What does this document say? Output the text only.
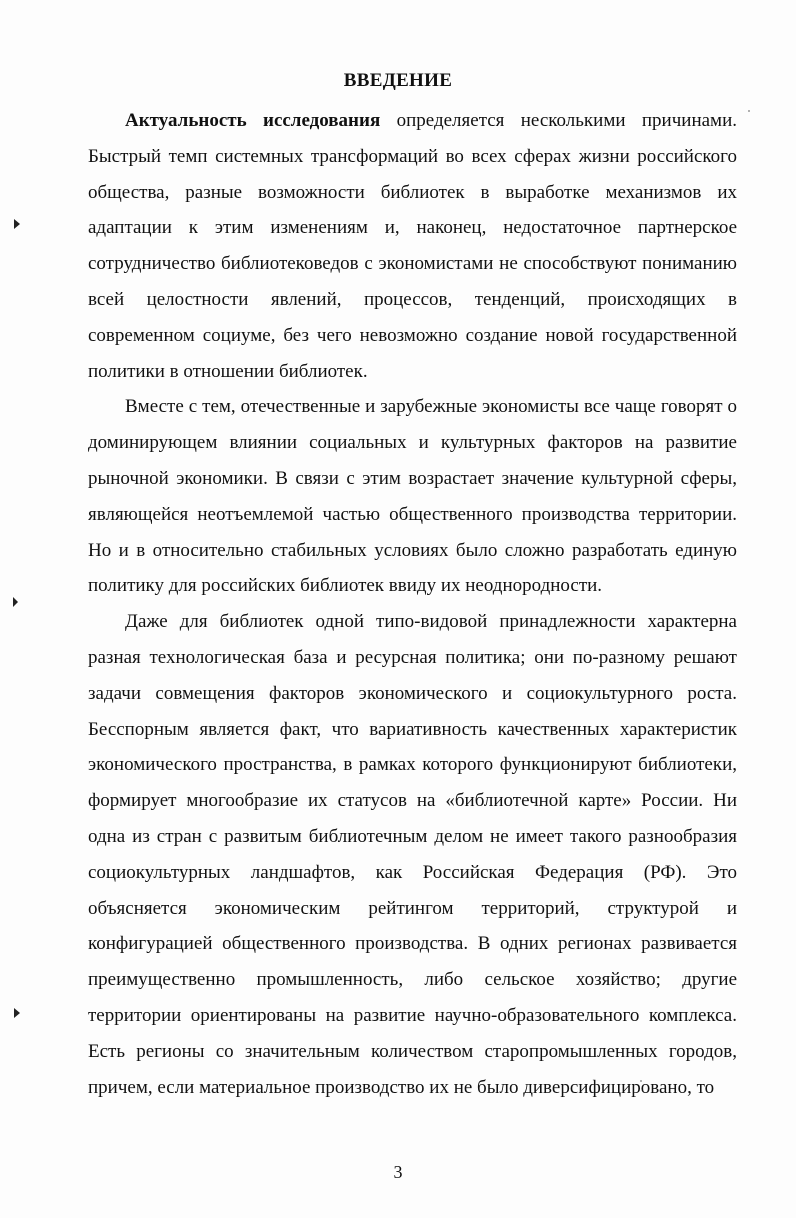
ВВЕДЕНИЕ

Актуальность исследования определяется несколькими причинами. Быстрый темп системных трансформаций во всех сферах жизни российского общества, разные возможности библиотек в выработке механизмов их адаптации к этим изменениям и, наконец, недостаточное партнерское сотрудничество библиотековедов с экономистами не способствуют пониманию всей целостности явлений, процессов, тенденций, происходящих в современном социуме, без чего невозможно создание новой государственной политики в отношении библиотек.

Вместе с тем, отечественные и зарубежные экономисты все чаще говорят о доминирующем влиянии социальных и культурных факторов на развитие рыночной экономики. В связи с этим возрастает значение культурной сферы, являющейся неотъемлемой частью общественного производства территории. Но и в относительно стабильных условиях было сложно разработать единую политику для российских библиотек ввиду их неоднородности.

Даже для библиотек одной типо-видовой принадлежности характерна разная технологическая база и ресурсная политика; они по-разному решают задачи совмещения факторов экономического и социокультурного роста. Бесспорным является факт, что вариативность качественных характеристик экономического пространства, в рамках которого функционируют библиотеки, формирует многообразие их статусов на «библиотечной карте» России. Ни одна из стран с развитым библиотечным делом не имеет такого разнообразия социокультурных ландшафтов, как Российская Федерация (РФ). Это объясняется экономическим рейтингом территорий, структурой и конфигурацией общественного производства. В одних регионах развивается преимущественно промышленность, либо сельское хозяйство; другие территории ориентированы на развитие научно-образовательного комплекса. Есть регионы со значительным количеством старопромышленных городов, причем, если материальное производство их не было диверсифицировано, то

3
